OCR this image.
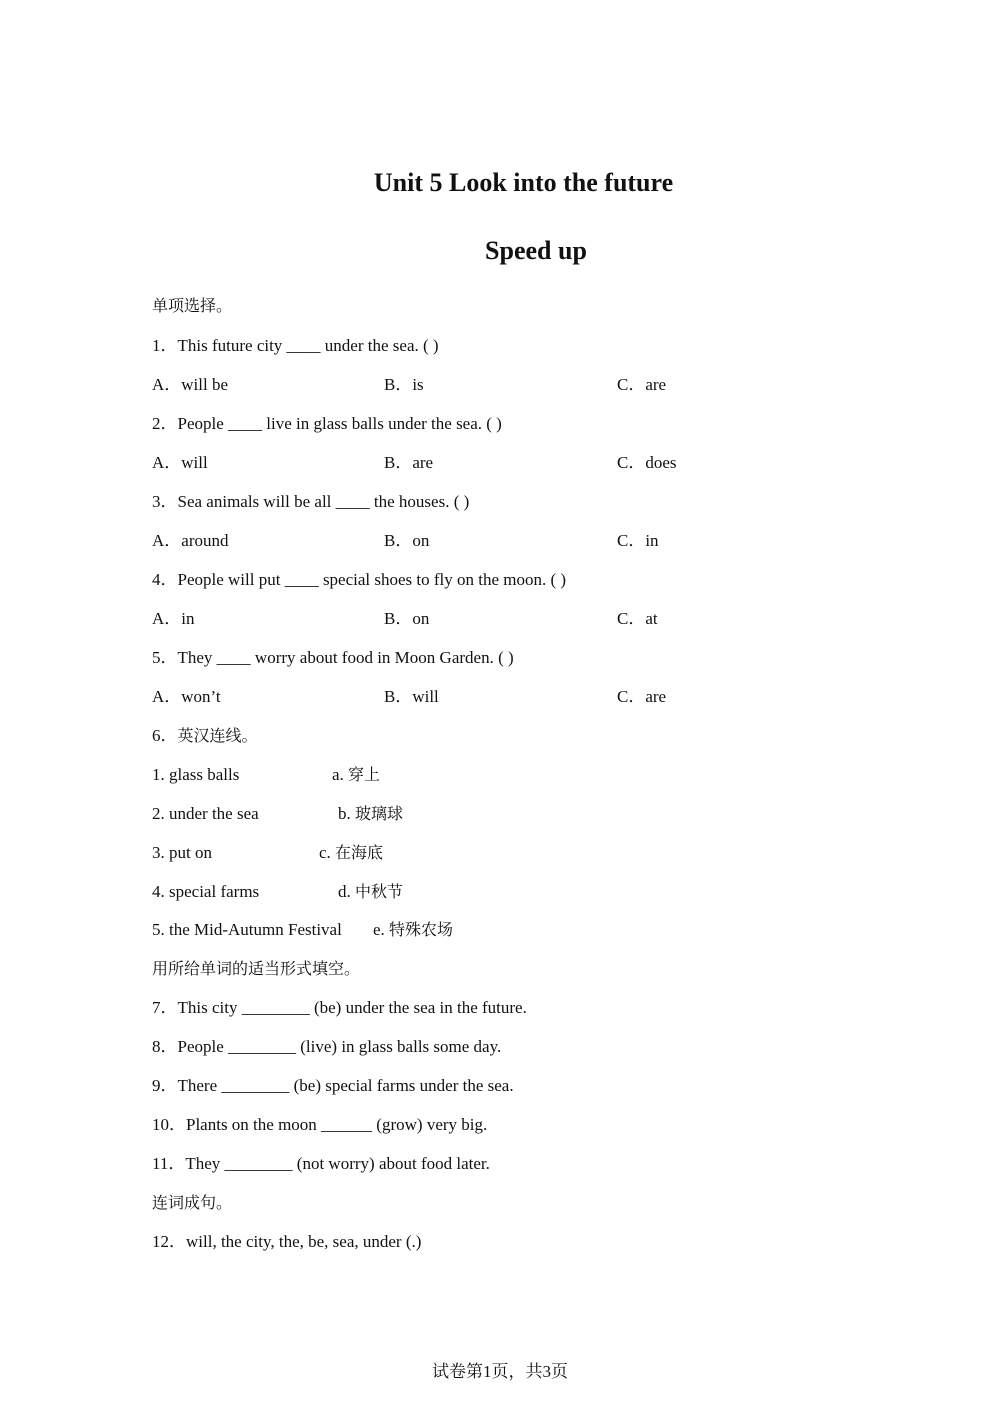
Unit 5 Look into the future
Speed up
单项选择。
1．This future city ____ under the sea. ( )
A．will be	B．is	C．are
2．People ____ live in glass balls under the sea. ( )
A．will	B．are	C．does
3．Sea animals will be all ____ the houses. ( )
A．around	B．on	C．in
4．People will put ____ special shoes to fly on the moon. ( )
A．in	B．on	C．at
5．They ____ worry about food in Moon Garden. ( )
A．won’t	B．will	C．are
6．英汉连线。
1. glass balls	a. 穿上
2. under the sea	b. 玻璃球
3. put on	c. 在海底
4. special farms	d. 中秋节
5. the Mid-Autumn Festival e. 特殊农场
用所给单词的适当形式填空。
7．This city ________ (be) under the sea in the future.
8．People ________ (live) in glass balls some day.
9．There ________ (be) special farms under the sea.
10．Plants on the moon ______ (grow) very big.
11．They ________ (not worry) about food later.
连词成句。
12．will, the city, the, be, sea, under (.)
试卷第1页，共3页
